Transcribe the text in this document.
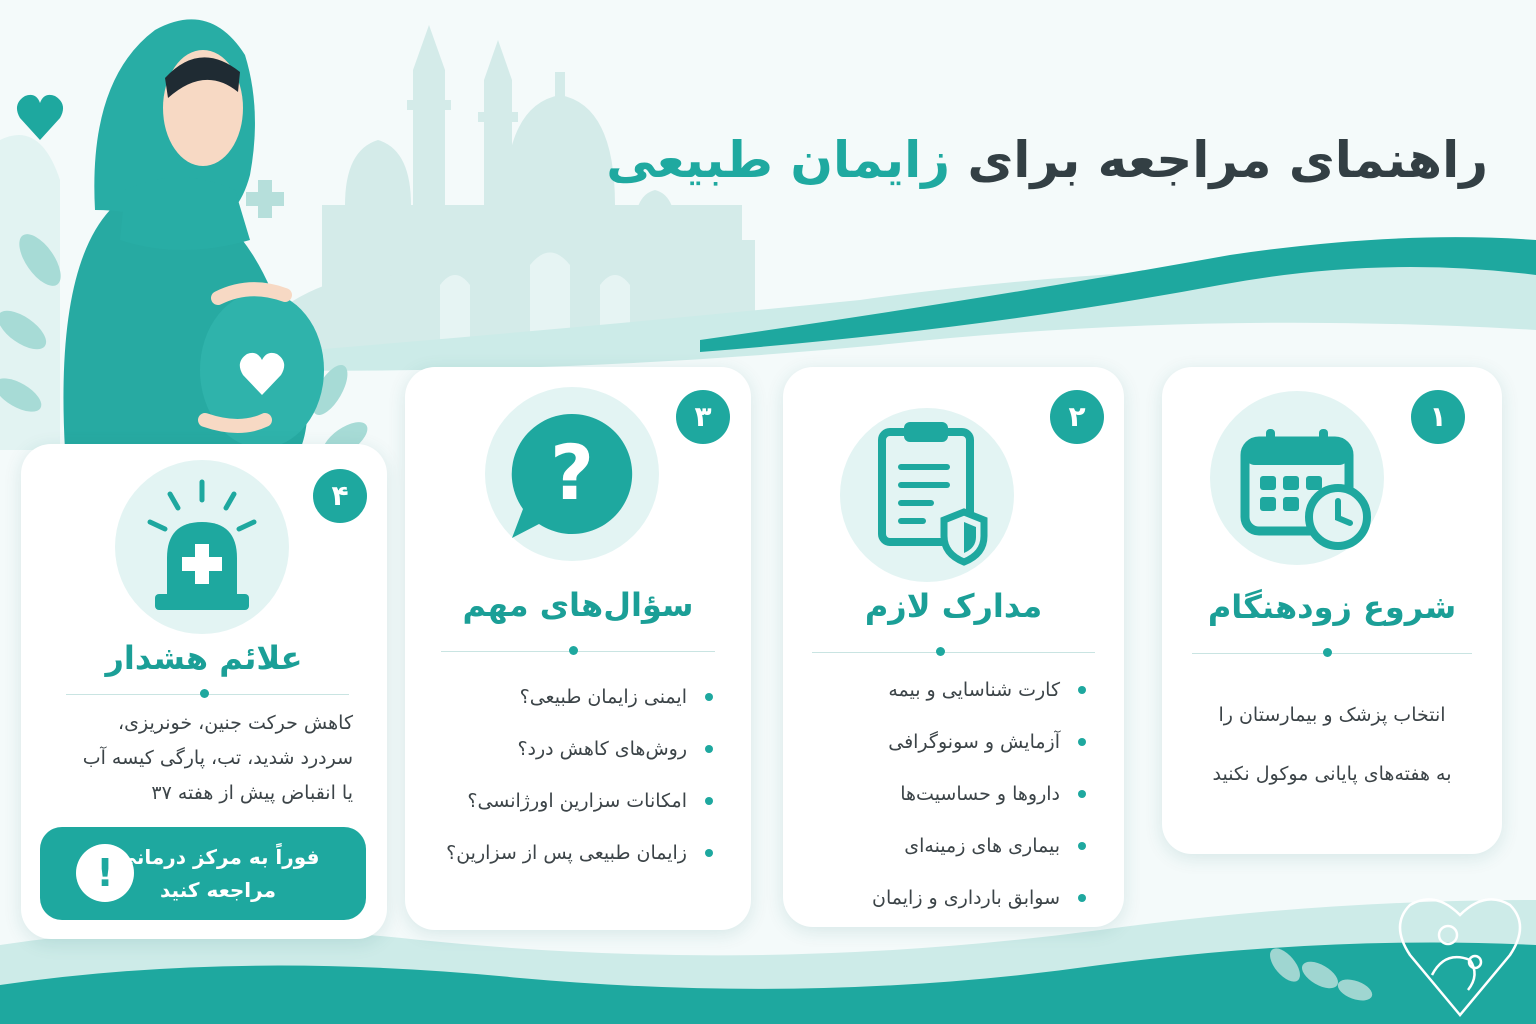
راهنمای مراجعه برای زایمان طبیعی
۱
شروع زودهنگام
انتخاب پزشک و بیمارستان را
به هفته‌های پایانی موکول نکنید
۲
مدارک لازم
کارت شناسایی و بیمه
آزمایش و سونوگرافی
داروها و حساسیت‌ها
بیماری های زمینه‌ای
سوابق بارداری و زایمان
۳
?
سؤال‌های مهم
ایمنی زایمان طبیعی؟
روش‌های کاهش درد؟
امکانات سزارین اورژانسی؟
زایمان طبیعی پس از سزارین؟
۴
علائم هشدار
کاهش حرکت جنین، خونریزی،
سردرد شدید، تب، پارگی کیسه آب
یا انقباض پیش از هفته ۳۷
! فوراً به مرکز درمانی
مراجعه کنید
